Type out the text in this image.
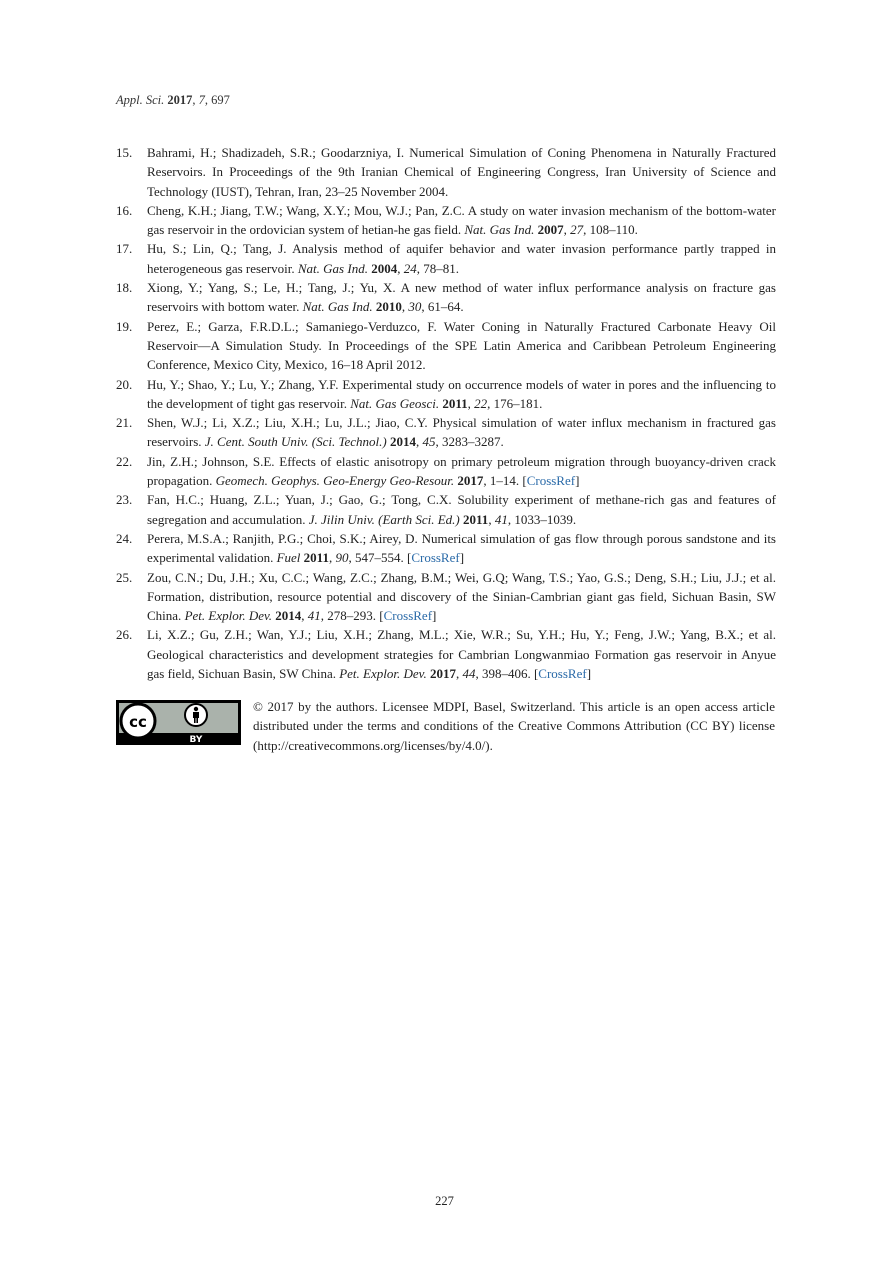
Appl. Sci. 2017, 7, 697
15. Bahrami, H.; Shadizadeh, S.R.; Goodarzniya, I. Numerical Simulation of Coning Phenomena in Naturally Fractured Reservoirs. In Proceedings of the 9th Iranian Chemical of Engineering Congress, Iran University of Science and Technology (IUST), Tehran, Iran, 23–25 November 2004.
16. Cheng, K.H.; Jiang, T.W.; Wang, X.Y.; Mou, W.J.; Pan, Z.C. A study on water invasion mechanism of the bottom-water gas reservoir in the ordovician system of hetian-he gas field. Nat. Gas Ind. 2007, 27, 108–110.
17. Hu, S.; Lin, Q.; Tang, J. Analysis method of aquifer behavior and water invasion performance partly trapped in heterogeneous gas reservoir. Nat. Gas Ind. 2004, 24, 78–81.
18. Xiong, Y.; Yang, S.; Le, H.; Tang, J.; Yu, X. A new method of water influx performance analysis on fracture gas reservoirs with bottom water. Nat. Gas Ind. 2010, 30, 61–64.
19. Perez, E.; Garza, F.R.D.L.; Samaniego-Verduzco, F. Water Coning in Naturally Fractured Carbonate Heavy Oil Reservoir—A Simulation Study. In Proceedings of the SPE Latin America and Caribbean Petroleum Engineering Conference, Mexico City, Mexico, 16–18 April 2012.
20. Hu, Y.; Shao, Y.; Lu, Y.; Zhang, Y.F. Experimental study on occurrence models of water in pores and the influencing to the development of tight gas reservoir. Nat. Gas Geosci. 2011, 22, 176–181.
21. Shen, W.J.; Li, X.Z.; Liu, X.H.; Lu, J.L.; Jiao, C.Y. Physical simulation of water influx mechanism in fractured gas reservoirs. J. Cent. South Univ. (Sci. Technol.) 2014, 45, 3283–3287.
22. Jin, Z.H.; Johnson, S.E. Effects of elastic anisotropy on primary petroleum migration through buoyancy-driven crack propagation. Geomech. Geophys. Geo-Energy Geo-Resour. 2017, 1–14. [CrossRef]
23. Fan, H.C.; Huang, Z.L.; Yuan, J.; Gao, G.; Tong, C.X. Solubility experiment of methane-rich gas and features of segregation and accumulation. J. Jilin Univ. (Earth Sci. Ed.) 2011, 41, 1033–1039.
24. Perera, M.S.A.; Ranjith, P.G.; Choi, S.K.; Airey, D. Numerical simulation of gas flow through porous sandstone and its experimental validation. Fuel 2011, 90, 547–554. [CrossRef]
25. Zou, C.N.; Du, J.H.; Xu, C.C.; Wang, Z.C.; Zhang, B.M.; Wei, G.Q; Wang, T.S.; Yao, G.S.; Deng, S.H.; Liu, J.J.; et al. Formation, distribution, resource potential and discovery of the Sinian-Cambrian giant gas field, Sichuan Basin, SW China. Pet. Explor. Dev. 2014, 41, 278–293. [CrossRef]
26. Li, X.Z.; Gu, Z.H.; Wan, Y.J.; Liu, X.H.; Zhang, M.L.; Xie, W.R.; Su, Y.H.; Hu, Y.; Feng, J.W.; Yang, B.X.; et al. Geological characteristics and development strategies for Cambrian Longwanmiao Formation gas reservoir in Anyue gas field, Sichuan Basin, SW China. Pet. Explor. Dev. 2017, 44, 398–406. [CrossRef]
cc
BY
© 2017 by the authors. Licensee MDPI, Basel, Switzerland. This article is an open access article distributed under the terms and conditions of the Creative Commons Attribution (CC BY) license (http://creativecommons.org/licenses/by/4.0/).
227
